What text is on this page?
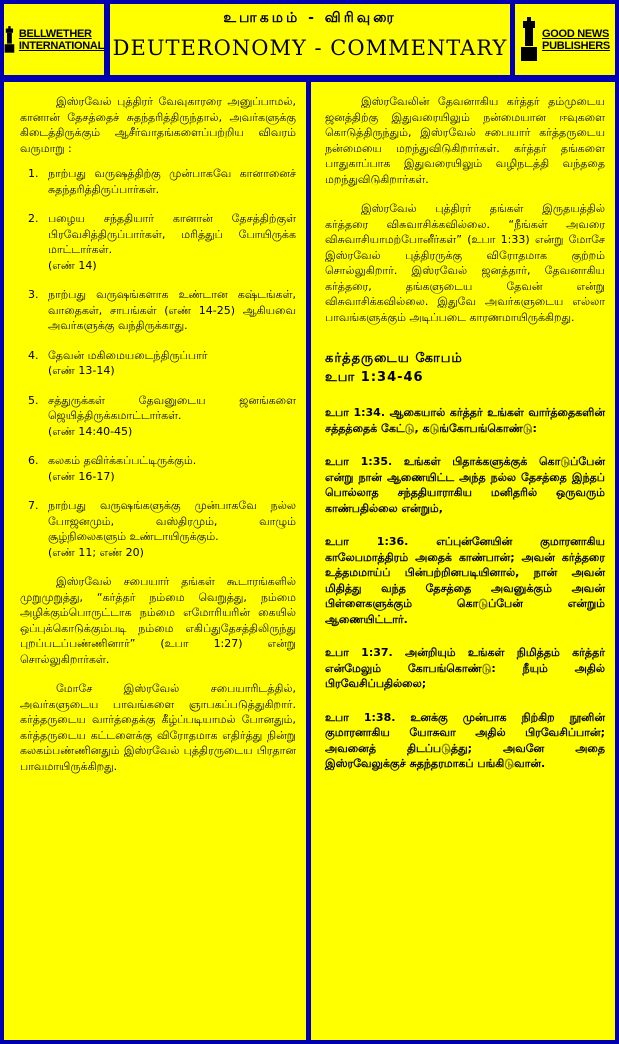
BELLWETHER
INTERNATIONAL
உபாகமம் - விரிவுரை
DEUTERONOMY - COMMENTARY
GOOD NEWS
PUBLISHERS

இஸ்ரவேல் புத்திரர் வேவுகாரரை அனுப்பாமல், கானான் தேசத்தைச் சுதந்தரித்திருந்தால், அவர்களுக்கு கிடைத்திருக்கும் ஆசீர்வாதங்களைப்பற்றிய விவரம் வருமாறு :

1. நாற்பது வருஷத்திற்கு முன்பாகவே கானானைச் சுதந்தரித்திருப்பார்கள்.
2. பழைய சந்ததியார் கானான் தேசத்திற்குள் பிரவேசித்திருப்பார்கள், மரித்துப் போயிருக்க மாட்டார்கள்.
(எண் 14)
3. நாற்பது வருஷங்களாக உண்டான கஷ்டங்கள், வாதைகள், சாபங்கள் (எண் 14-25) ஆகியவை அவர்களுக்கு வந்திருக்காது.
4. தேவன் மகிமையடைந்திருப்பார்
(எண் 13-14)
5. சத்துருக்கள் தேவனுடைய ஜனங்களை ஜெயித்திருக்கமாட்டார்கள்.
(எண் 14:40-45)
6. கலகம் தவிர்க்கப்பட்டிருக்கும்.
(எண் 16-17)
7. நாற்பது வருஷங்களுக்கு முன்பாகவே நல்ல போஜனமும், வஸ்திரமும், வாழும் சூழ்நிலைகளும் உண்டாயிருக்கும்.
(எண் 11; எண் 20)

இஸ்ரவேல் சபையார் தங்கள் கூடாரங்களில் முறுமுறுத்து, “கர்த்தர் நம்மை வெறுத்து, நம்மை அழிக்கும்பொருட்டாக நம்மை எமோரியரின் கையில் ஒப்புக்கொடுக்கும்படி நம்மை எகிப்துதேசத்திலிருந்து புறப்படப்பண்ணினார்” (உபா 1:27) என்று சொல்லுகிறார்கள்.

மோசே இஸ்ரவேல் சபையாரிடத்தில், அவர்களுடைய பாவங்களை ஞாபகப்படுத்துகிறார். கர்த்தருடைய வார்த்தைக்கு கீழ்ப்படியாமல் போனதும், கர்த்தருடைய கட்டளைக்கு விரோதமாக எதிர்த்து நின்று கலகம்பண்ணினதும் இஸ்ரவேல் புத்திரருடைய பிரதான பாவமாயிருக்கிறது.

இஸ்ரவேலின் தேவனாகிய கர்த்தர் தம்முடைய ஜனத்திற்கு இதுவரையிலும் நன்மையான ஈவுகளை கொடுத்திருந்தும், இஸ்ரவேல் சபையார் கர்த்தருடைய நன்மையை மறந்துவிடுகிறார்கள். கர்த்தர் தங்களை பாதுகாப்பாக இதுவரையிலும் வழிநடத்தி வந்ததை மறந்துவிடுகிறார்கள்.

இஸ்ரவேல் புத்திரர் தங்கள் இருதயத்தில் கர்த்தரை விசுவாசிக்கவில்லை. “நீங்கள் அவரை விசுவாசியாமற்போனீர்கள்” (உபா 1:33) என்று மோசே இஸ்ரவேல் புத்திரருக்கு விரோதமாக குற்றம் சொல்லுகிறார். இஸ்ரவேல் ஜனத்தார், தேவனாகிய கர்த்தரை, தங்களுடைய தேவன் என்று விசுவாசிக்கவில்லை. இதுவே அவர்களுடைய எல்லா பாவங்களுக்கும் அடிப்படை காரணமாயிருக்கிறது.

கர்த்தருடைய கோபம்
உபா 1:34-46

உபா 1:34. ஆகையால் கர்த்தர் உங்கள் வார்த்தைகளின் சத்தத்தைக் கேட்டு, கடுங்கோபங்கொண்டு:

உபா 1:35. உங்கள் பிதாக்களுக்குக் கொடுப்பேன் என்று நான் ஆணையிட்ட அந்த நல்ல தேசத்தை இந்தப் பொல்லாத சந்ததியாராகிய மனிதரில் ஒருவரும் காண்பதில்லை என்றும்,

உபா 1:36. எப்புன்னேயின் குமாரனாகிய காலேபமாத்திரம் அதைக் காண்பான்; அவன் கர்த்தரை உத்தமமாய்ப் பின்பற்றினபடியினால், நான் அவன் மிதித்து வந்த தேசத்தை அவனுக்கும் அவன் பிள்ளைகளுக்கும் கொடுப்பேன் என்றும் ஆணையிட்டார்.

உபா 1:37. அன்றியும் உங்கள் நிமித்தம் கர்த்தர் என்மேலும் கோபங்கொண்டு: நீயும் அதில் பிரவேசிப்பதில்லை;

உபா 1:38. உனக்கு முன்பாக நிற்கிற நூனின் குமாரனாகிய யோசுவா அதில் பிரவேசிப்பான்; அவனைத் திடப்படுத்து; அவனே அதை இஸ்ரவேலுக்குச் சுதந்தரமாகப் பங்கிடுவான்.
